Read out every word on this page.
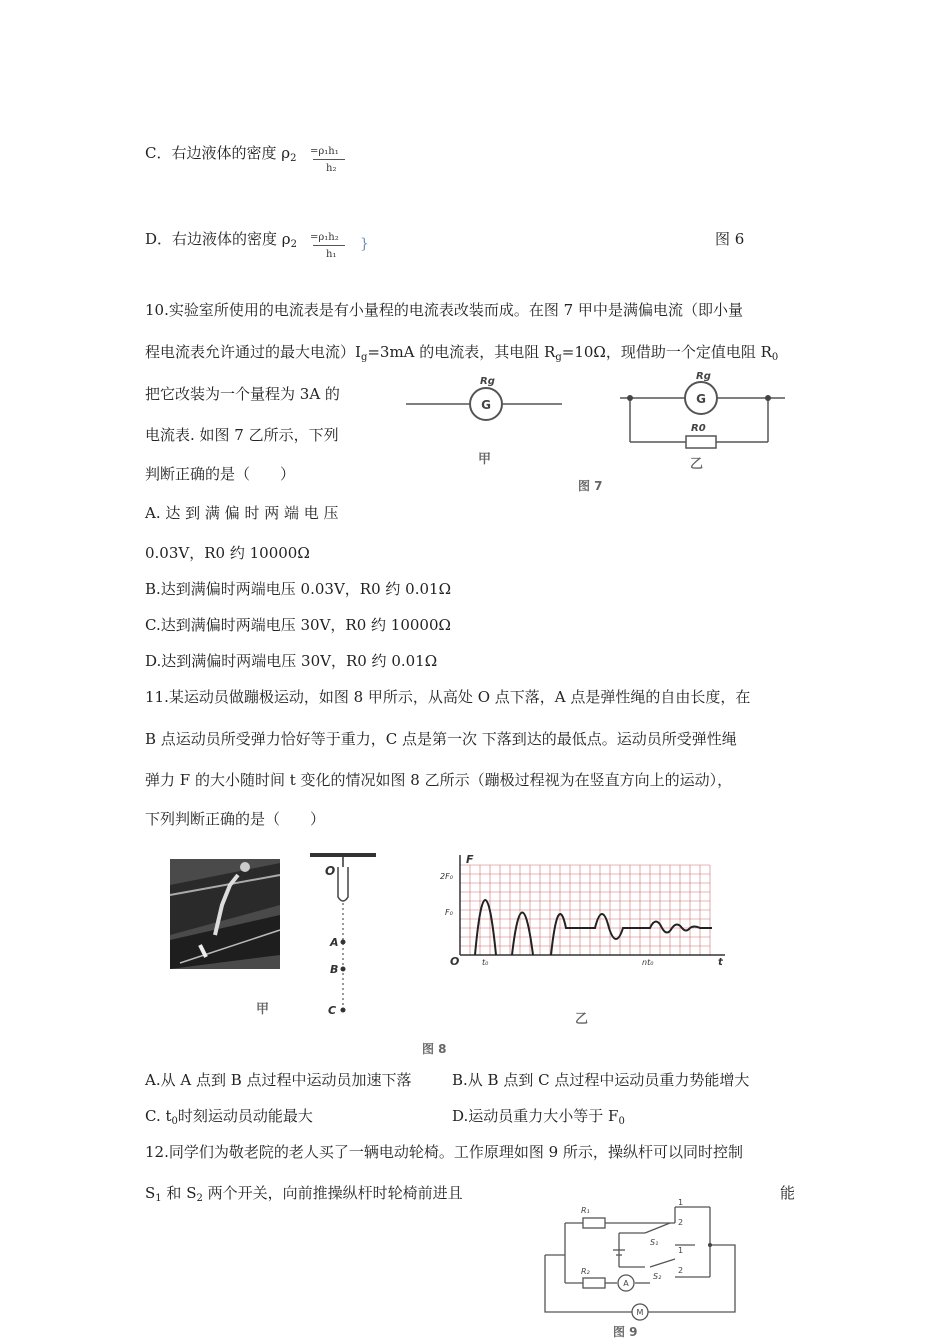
C．右边液体的密度 $\rho_2$
=ρ₁h₁
h₂
D．右边液体的密度 $\rho_2$
=ρ₁h₂
h₁
}	图 6
10.实验室所使用的电流表是有小量程的电流表改装而成。在图 7 甲中是满偏电流（即小量
程电流表允许通过的最大电流）$I_g=3mA$ 的电流表，其电阻 $R_g=10\Omega$，现借助一个定值电阻 $R_0$
把它改装为一个量程为 3A 的
电流表. 如图 7 乙所示，下列
判断正确的是（　　）
A. 达 到 满 偏 时 两 端 电 压
0.03V，R0 约 10000Ω
B.达到满偏时两端电压 0.03V，R0 约 0.01Ω
C.达到满偏时两端电压 30V，R0 约 10000Ω
D.达到满偏时两端电压 30V，R0 约 0.01Ω
G
Rg
甲
G
Rg
R0
乙
图 7
11.某运动员做蹦极运动，如图 8 甲所示，从高处 O 点下落，A 点是弹性绳的自由长度，在
B 点运动员所受弹力恰好等于重力，C 点是第一次 下落到达的最低点。运动员所受弹性绳
弹力 F 的大小随时间 t 变化的情况如图 8 乙所示（蹦极过程视为在竖直方向上的运动），
下列判断正确的是（　　）
甲
O
A
B
C
F
2F₀
F₀
O	t₀	nt₀	t
乙
图 8
A.从 A 点到 B 点过程中运动员加速下落	B.从 B 点到 C 点过程中运动员重力势能增大
C. $t_0$时刻运动员动能最大	D.运动员重力大小等于 $F_0$
12.同学们为敬老院的老人买了一辆电动轮椅。工作原理如图 9 所示，操纵杆可以同时控制
$S_1$ 和 $S_2$ 两个开关，向前推操纵杆时轮椅前进且	能
A
M
R₁
R₂
S₁
S₂
1
2
1
2
图 9
